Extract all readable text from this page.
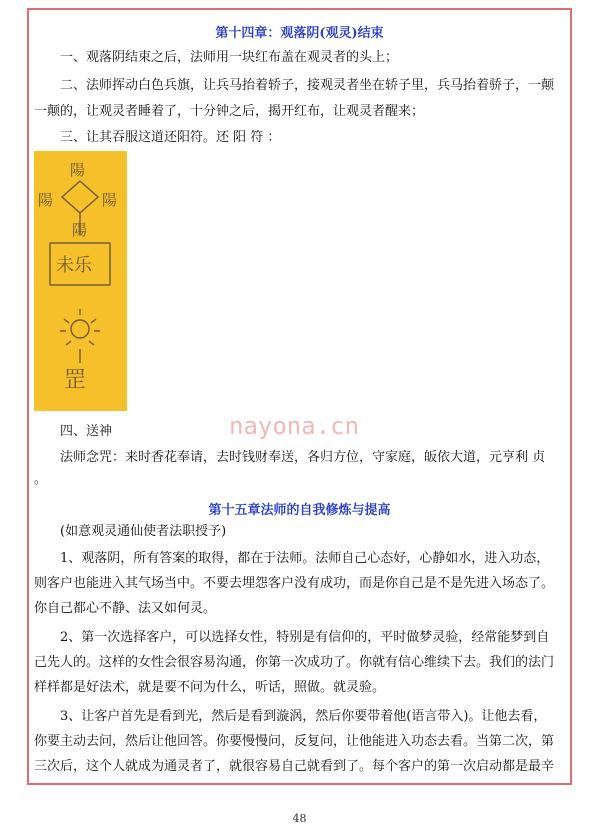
第十四章：观落阴(观灵)结束
一、观落阴结束之后，法师用一块红布盖在观灵者的头上；
二、法师挥动白色兵旗，让兵马抬着轿子，接观灵者坐在轿子里，兵马抬着骄子，一颠
一颠的，让观灵者睡着了，十分钟之后，揭开红布，让观灵者醒来；
三、让其吞服这道还阳符。还 阳 符 ：
陽
陽	陽
陽
未乐
罡
nayona.cn
四、送神
法师念咒：来时香花奉请，去时钱财奉送，各归方位，守家庭，皈依大道，元亨利 贞
。
第十五章法师的自我修炼与提高
(如意观灵通仙使者法职授予)
1、观落阴，所有答案的取得，都在于法师。法师自己心态好，心静如水，进入功态，
则客户也能进入其气场当中。不要去埋怨客户没有成功，而是你自己是不是先进入场态了。
你自己都心不静、法又如何灵。
2、第一次选择客户，可以选择女性，特别是有信仰的，平时做梦灵验，经常能梦到自
己先人的。这样的女性会很容易沟通，你第一次成功了。你就有信心维续下去。我们的法门
样样都是好法术，就是要不问为什么，听话，照做。就灵验。
3、让客户首先是看到光，然后是看到漩涡，然后你要带着他(语言带入)。让他去看，
你要主动去问，然后让他回答。你要慢慢问，反复问，让他能进入功态去看。当第二次，第
三次后，这个人就成为通灵者了，就很容易自己就看到了。每个客户的第一次启动都是最辛
48
